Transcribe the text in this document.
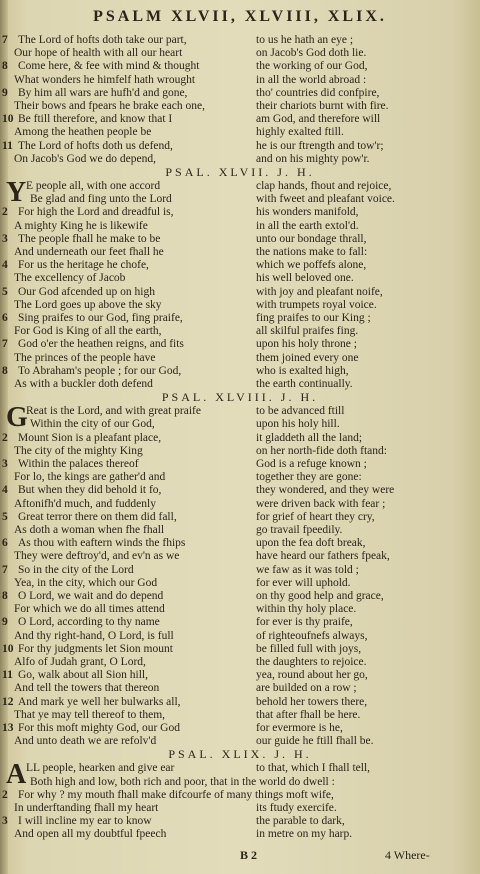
PSALM XLVII, XLVIII, XLIX.
7 The Lord of hofts doth take our part,	to us he hath an eye ;
Our hope of health with all our heart	on Jacob's God doth lie.
8 Come here, & fee with mind & thought	the working of our God,
What wonders he himfelf hath wrought	in all the world abroad :
9 By him all wars are hufh'd and gone,	tho' countries did confpire,
Their bows and fpears he brake each one,	their chariots burnt with fire.
10 Be ftill therefore, and know that I	am God, and therefore will
Among the heathen people be	highly exalted ftill.
11 The Lord of hofts doth us defend,	he is our ftrength and tow'r;
On Jacob's God we do depend,	and on his mighty pow'r.
PSAL. XLVII. J. H.
Y E people all, with one accord	clap hands, fhout and rejoice,
Be glad and fing unto the Lord	with fweet and pleafant voice.
2 For high the Lord and dreadful is,	his wonders manifold,
A mighty King he is likewife	in all the earth extol'd.
3 The people fhall he make to be	unto our bondage thrall,
And underneath our feet fhall he	the nations make to fall:
4 For us the heritage he chofe,	which we poffefs alone,
The excellency of Jacob	his well beloved one.
5 Our God afcended up on high	with joy and pleafant noife,
The Lord goes up above the sky	with trumpets royal voice.
6 Sing praifes to our God, fing praife,	fing praifes to our King ;
For God is King of all the earth,	all skilful praifes fing.
7 God o'er the heathen reigns, and fits	upon his holy throne ;
The princes of the people have	them joined every one
8 To Abraham's people ; for our God,	who is exalted high,
As with a buckler doth defend	the earth continually.
PSAL. XLVIII. J. H.
G
Reat is the Lord, and with great praife	to be advanced ftill
Within the city of our God,	upon his holy hill.
2 Mount Sion is a pleafant place,	it gladdeth all the land;
The city of the mighty King	on her north-fide doth ftand:
3 Within the palaces thereof	God is a refuge known ;
For lo, the kings are gather'd and	together they are gone:
4 But when they did behold it fo,	they wondered, and they were
Aftonifh'd much, and fuddenly	were driven back with fear ;
5 Great terror there on them did fall,	for grief of heart they cry,
As doth a woman when fhe fhall	go travail fpeedily.
6 As thou with eaftern winds the fhips	upon the fea doft break,
They were deftroy'd, and ev'n as we	have heard our fathers fpeak,
7 So in the city of the Lord	we faw as it was told ;
Yea, in the city, which our God	for ever will uphold.
8 O Lord, we wait and do depend	on thy good help and grace,
For which we do all times attend	within thy holy place.
9 O Lord, according to thy name	for ever is thy praife,
And thy right-hand, O Lord, is full	of righteoufnefs always,
10 For thy judgments let Sion mount	be filled full with joys,
Alfo of Judah grant, O Lord,	the daughters to rejoice.
11 Go, walk about all Sion hill,	yea, round about her go,
And tell the towers that thereon	are builded on a row ;
12 And mark ye well her bulwarks all,	behold her towers there,
That ye may tell thereof to them,	that after fhall be here.
13 For this moft mighty God, our God	for evermore is he,
And unto death we are refolv'd	our guide he ftill fhall be.
PSAL. XLIX. J. H.
A LL people, hearken and give ear	to that, which I fhall tell,
Both high and low, both rich and poor, that in the world do dwell :
2 For why ? my mouth fhall make difcourfe of many things moft wife,
In underftanding fhall my heart	its ftudy exercife.
3 I will incline my ear to know	the parable to dark,
And open all my doubtful fpeech	in metre on my harp.
B 2	4 Where-
